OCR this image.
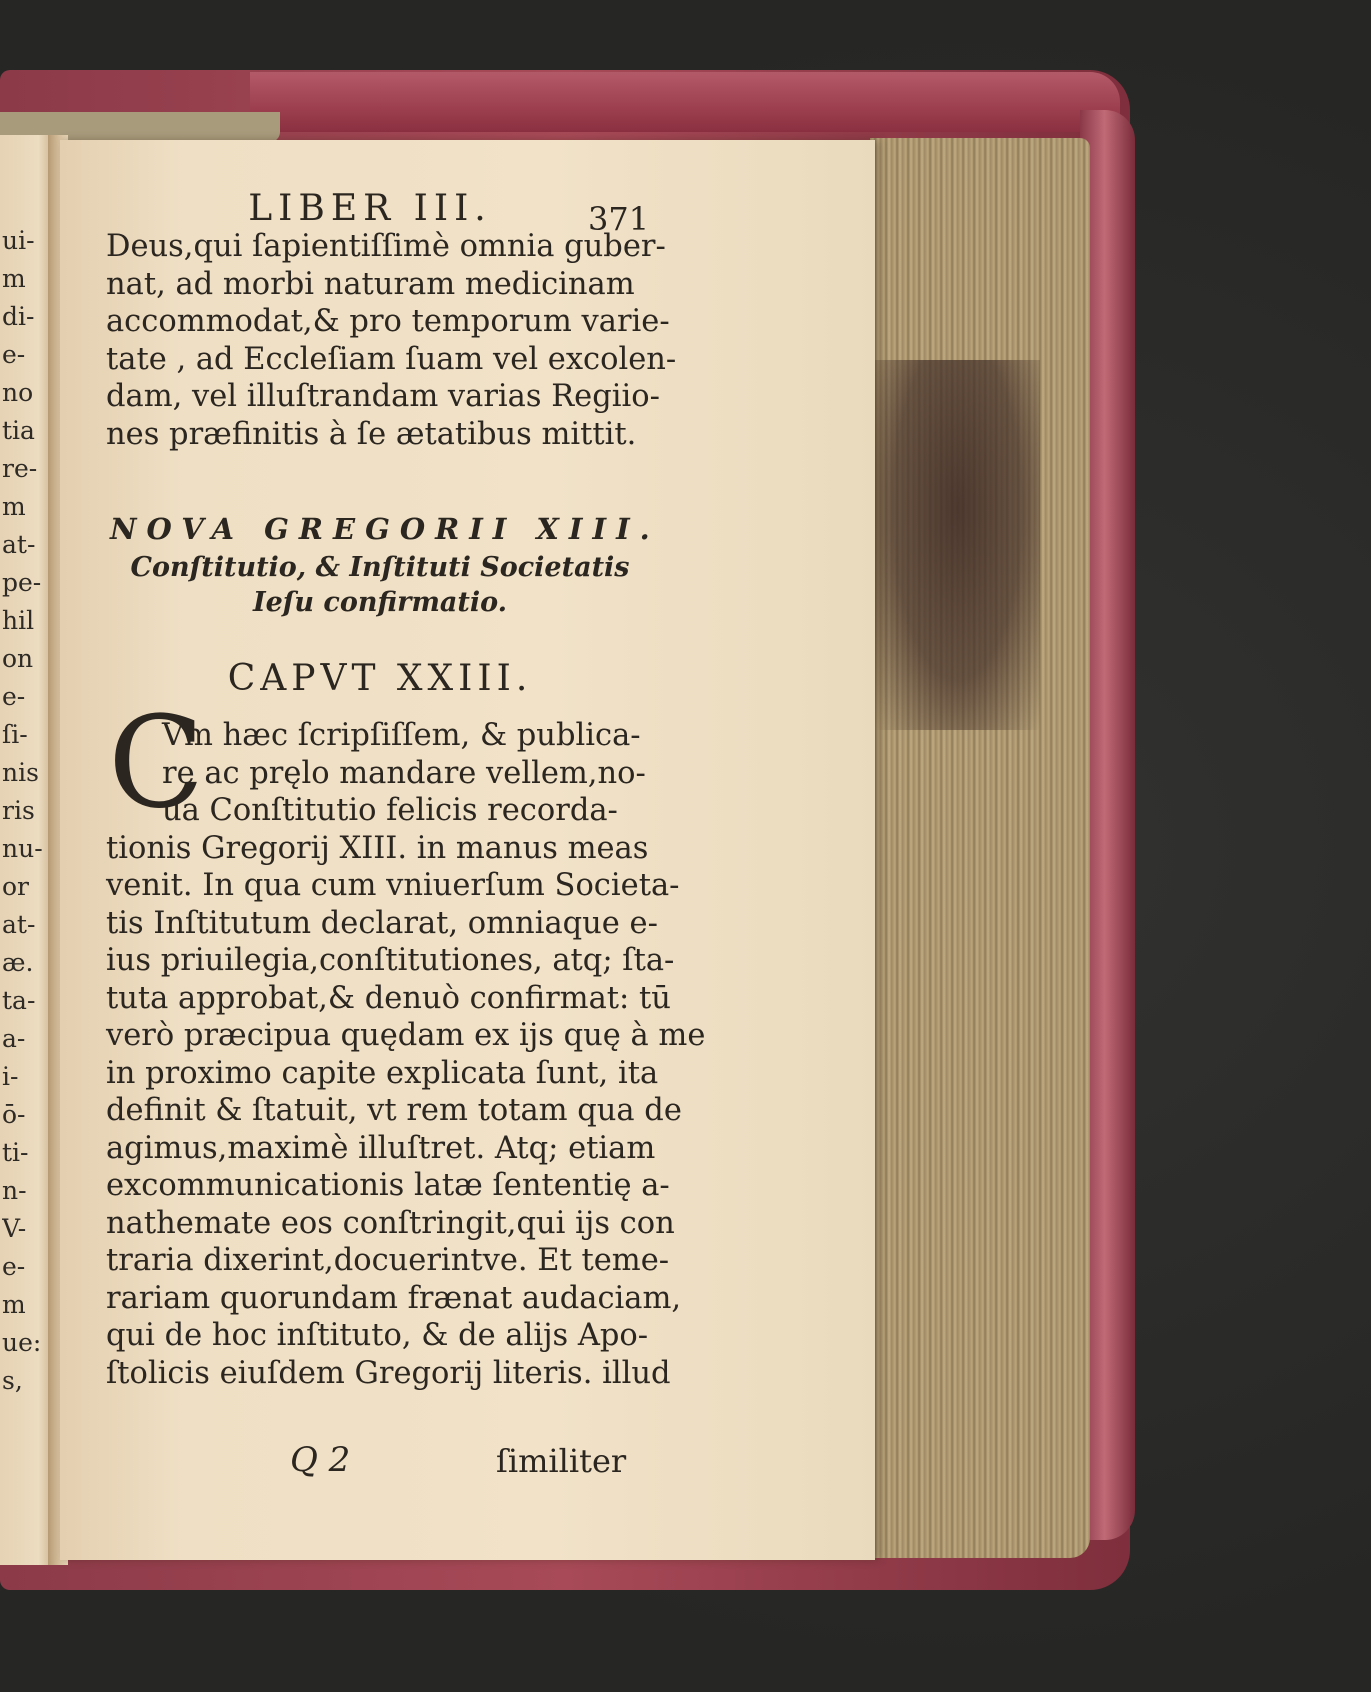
ui-
m
di-
e-
no
tia
re-
m
at-
pe-
hil
on
e-
ſi-
nis
ris
nu-
or
at-
æ.
ta-
a-
i-
ō-
ti-
n-
V-
e-
m
ue:
s,
LIBER III.	371
Deus,qui ſapientiſſimè omnia guber-
nat, ad morbi naturam medicinam
accommodat,& pro temporum varie-
tate , ad Eccleſiam ſuam vel excolen-
dam, vel illuſtrandam varias Regiio-
nes præfinitis à ſe ætatibus mittit.
NOVA GREGORII XIII.
Conſtitutio, & Inſtituti Societatis
Ieſu confirmatio.
CAPVT XXIII.
C
Vm hæc ſcripſiſſem, & publica-
re ac pręlo mandare vellem,no-
ua Conſtitutio felicis recorda-
tionis Gregorij XIII. in manus meas
venit. In qua cum vniuerſum Societa-
tis Inſtitutum declarat, omniaque e-
ius priuilegia,conſtitutiones, atq; ſta-
tuta approbat,& denuò confirmat: tū
verò præcipua quędam ex ijs quę à me
in proximo capite explicata ſunt, ita
definit & ſtatuit, vt rem totam qua de
agimus,maximè illuſtret. Atq; etiam
excommunicationis latæ ſententię a-
nathemate eos conſtringit,qui ijs con
traria dixerint,docuerintve. Et teme-
rariam quorundam frænat audaciam,
qui de hoc inſtituto, & de alijs Apo-
ſtolicis eiuſdem Gregorij literis. illud
Q 2	ſimiliter
